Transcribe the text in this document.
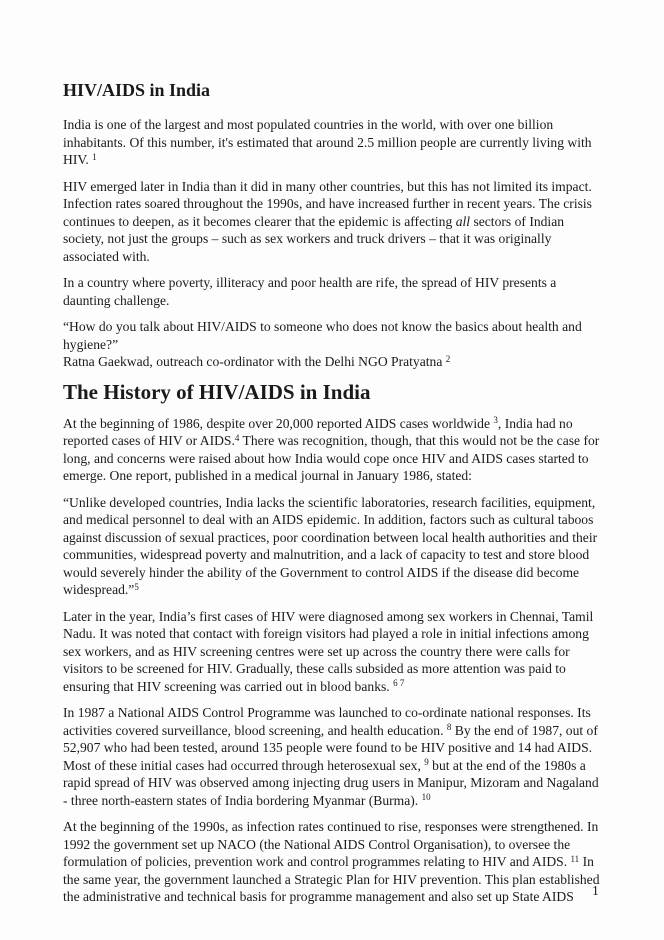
HIV/AIDS in India

India is one of the largest and most populated countries in the world, with over one billion inhabitants. Of this number, it's estimated that around 2.5 million people are currently living with HIV. $^1$

HIV emerged later in India than it did in many other countries, but this has not limited its impact. Infection rates soared throughout the 1990s, and have increased further in recent years. The crisis continues to deepen, as it becomes clearer that the epidemic is affecting all sectors of Indian society, not just the groups – such as sex workers and truck drivers – that it was originally associated with.

In a country where poverty, illiteracy and poor health are rife, the spread of HIV presents a daunting challenge.

“How do you talk about HIV/AIDS to someone who does not know the basics about health and hygiene?”
Ratna Gaekwad, outreach co-ordinator with the Delhi NGO Pratyatna $^2$

The History of HIV/AIDS in India

At the beginning of 1986, despite over 20,000 reported AIDS cases worldwide $^3$, India had no reported cases of HIV or AIDS.$^4$ There was recognition, though, that this would not be the case for long, and concerns were raised about how India would cope once HIV and AIDS cases started to emerge. One report, published in a medical journal in January 1986, stated:

“Unlike developed countries, India lacks the scientific laboratories, research facilities, equipment, and medical personnel to deal with an AIDS epidemic. In addition, factors such as cultural taboos against discussion of sexual practices, poor coordination between local health authorities and their communities, widespread poverty and malnutrition, and a lack of capacity to test and store blood would severely hinder the ability of the Government to control AIDS if the disease did become widespread.”$^5$

Later in the year, India’s first cases of HIV were diagnosed among sex workers in Chennai, Tamil Nadu. It was noted that contact with foreign visitors had played a role in initial infections among sex workers, and as HIV screening centres were set up across the country there were calls for visitors to be screened for HIV. Gradually, these calls subsided as more attention was paid to ensuring that HIV screening was carried out in blood banks. $^{6 7}$

In 1987 a National AIDS Control Programme was launched to co-ordinate national responses. Its activities covered surveillance, blood screening, and health education. $^8$ By the end of 1987, out of 52,907 who had been tested, around 135 people were found to be HIV positive and 14 had AIDS. Most of these initial cases had occurred through heterosexual sex, $^9$ but at the end of the 1980s a rapid spread of HIV was observed among injecting drug users in Manipur, Mizoram and Nagaland - three north-eastern states of India bordering Myanmar (Burma). $^{10}$

At the beginning of the 1990s, as infection rates continued to rise, responses were strengthened. In 1992 the government set up NACO (the National AIDS Control Organisation), to oversee the formulation of policies, prevention work and control programmes relating to HIV and AIDS. $^{11}$ In the same year, the government launched a Strategic Plan for HIV prevention. This plan established the administrative and technical basis for programme management and also set up State AIDS	1
